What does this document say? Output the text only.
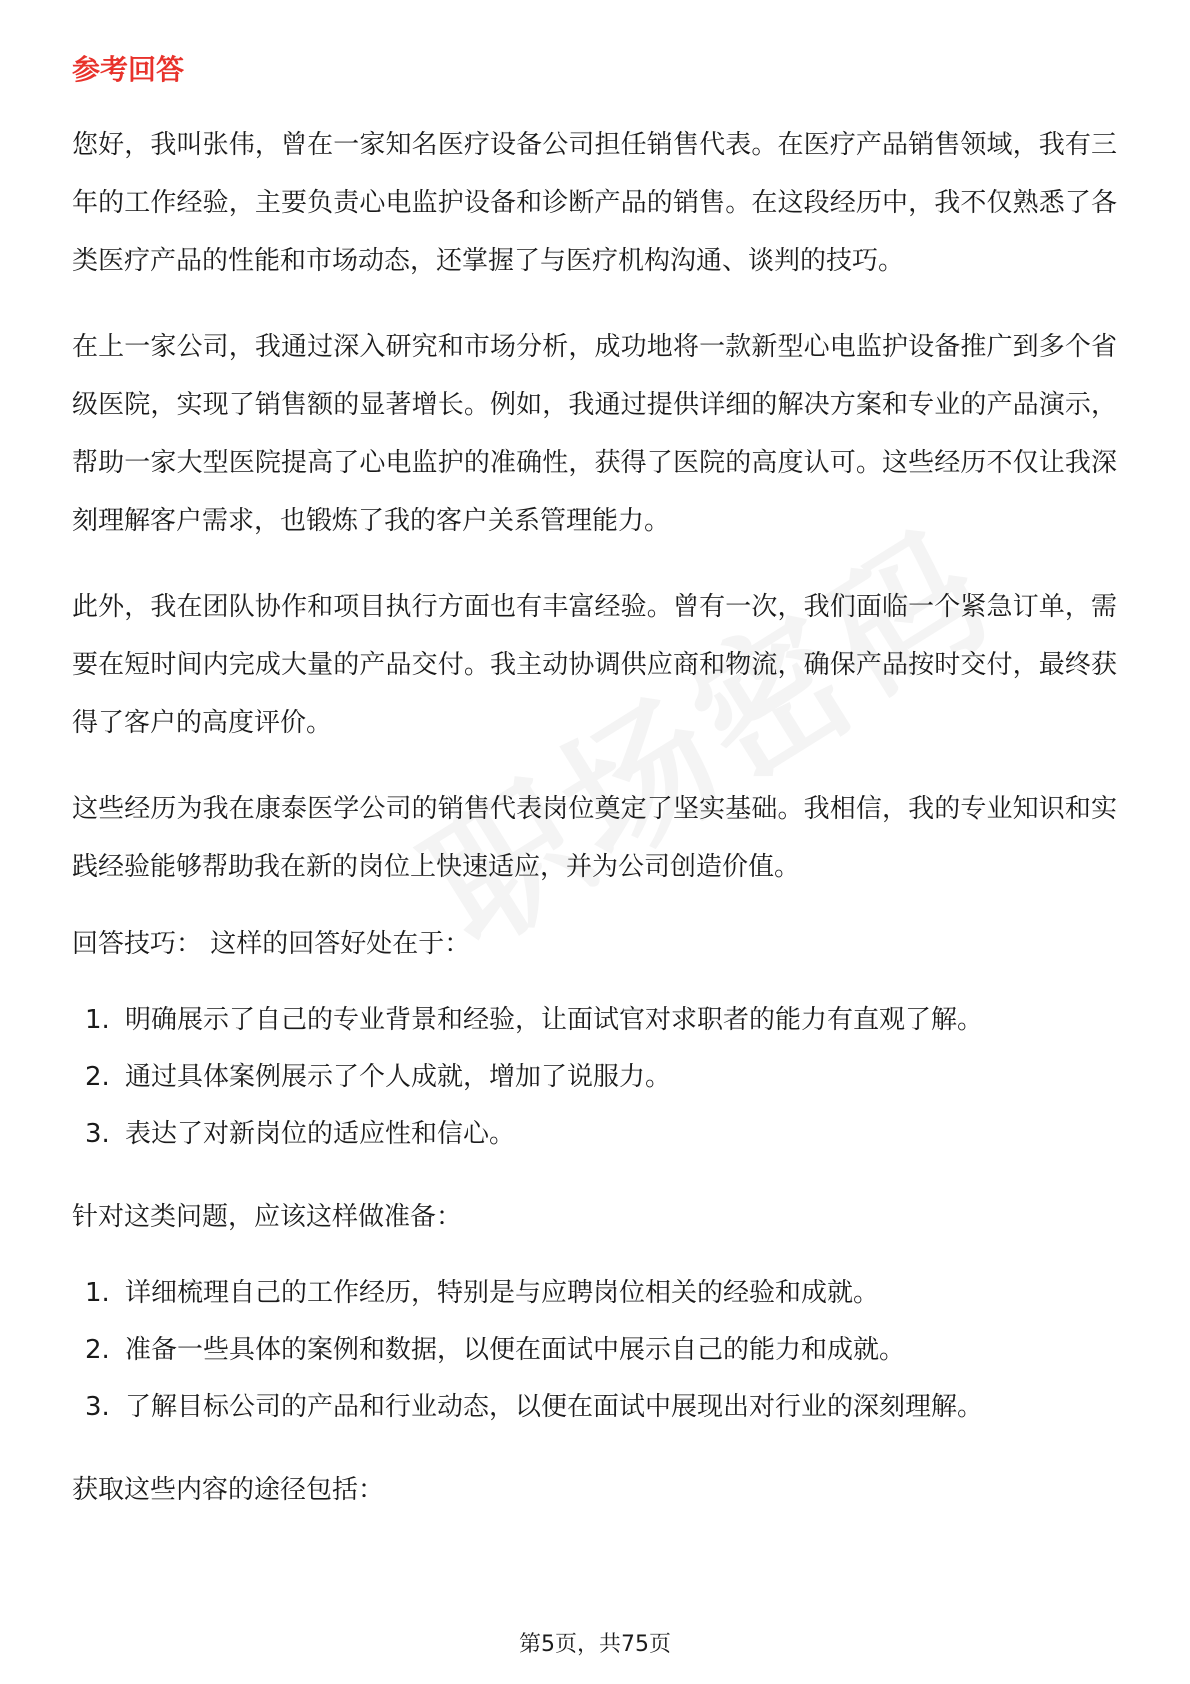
参考回答

您好，我叫张伟，曾在一家知名医疗设备公司担任销售代表。在医疗产品销售领域，我有三年的工作经验，主要负责心电监护设备和诊断产品的销售。在这段经历中，我不仅熟悉了各类医疗产品的性能和市场动态，还掌握了与医疗机构沟通、谈判的技巧。

在上一家公司，我通过深入研究和市场分析，成功地将一款新型心电监护设备推广到多个省级医院，实现了销售额的显著增长。例如，我通过提供详细的解决方案和专业的产品演示，帮助一家大型医院提高了心电监护的准确性，获得了医院的高度认可。这些经历不仅让我深刻理解客户需求，也锻炼了我的客户关系管理能力。

此外，我在团队协作和项目执行方面也有丰富经验。曾有一次，我们面临一个紧急订单，需要在短时间内完成大量的产品交付。我主动协调供应商和物流，确保产品按时交付，最终获得了客户的高度评价。

这些经历为我在康泰医学公司的销售代表岗位奠定了坚实基础。我相信，我的专业知识和实践经验能够帮助我在新的岗位上快速适应，并为公司创造价值。

回答技巧： 这样的回答好处在于：

1. 明确展示了自己的专业背景和经验，让面试官对求职者的能力有直观了解。
2. 通过具体案例展示了个人成就，增加了说服力。
3. 表达了对新岗位的适应性和信心。

针对这类问题，应该这样做准备：

1. 详细梳理自己的工作经历，特别是与应聘岗位相关的经验和成就。
2. 准备一些具体的案例和数据，以便在面试中展示自己的能力和成就。
3. 了解目标公司的产品和行业动态，以便在面试中展现出对行业的深刻理解。

获取这些内容的途径包括：

第5页，共75页
